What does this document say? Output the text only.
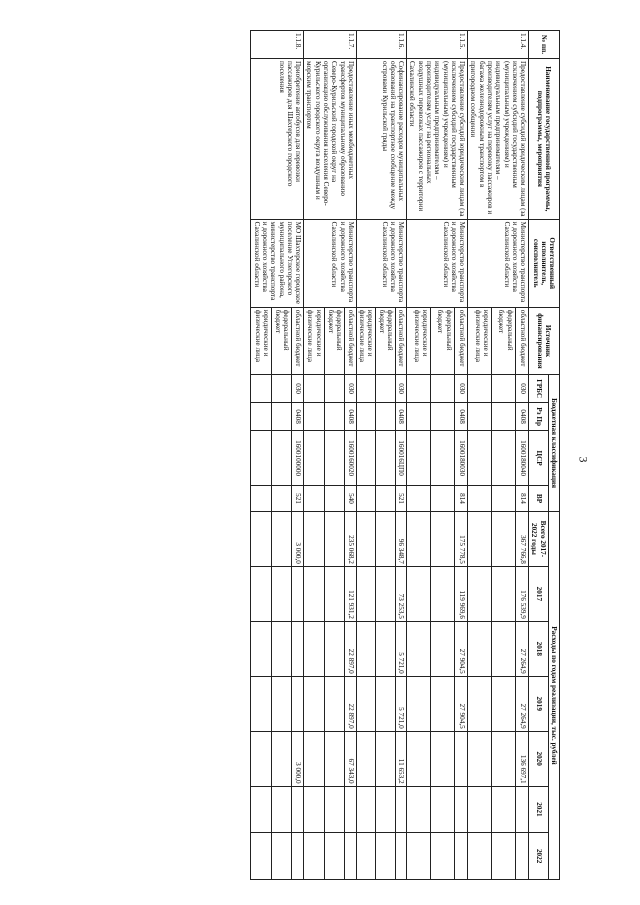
3
№ пп.	Наименование государственной программы, подпрограммы, мероприятия	Ответственный исполнитель, соисполнитель	Источник финансирования	Бюджетная классификация				Расходы по годам реализации, тыс. рублей						
				ГРБС	Рз Пр	ЦСР	ВР	Всего 2017-2022 годы	2017	2018	2019	2020	2021	2022
1.1.4.	Предоставление субсидий юридическим лицам (за исключением субсидий государственным (муниципальным) учреждениям) и индивидуальным предпринимателям – производителям услуг на перевозку пассажиров и багажа железнодорожным транспортом в пригородном сообщении	Министерство транспорта и дорожного хозяйства Сахалинской области	областной бюджет	030	0408	1600180040	814	367 766,8	176 539,9	27 264,9	27 264,9	136 697,1		
			федеральный бюджет											
			юридические и физические лица											
1.1.5.	Предоставление субсидий юридическим лицам (за исключением субсидий государственным (муниципальным) учреждениям) и индивидуальным предпринимателям – производителям услуг на региональных воздушных перевозках пассажиров с территории Сахалинской области	Министерство транспорта и дорожного хозяйства Сахалинской области	областной бюджет	030	0408	1600180030	814	175 778,5	119 969,6	27 904,5	27 904,5			
			федеральный бюджет											
			юридические и физические лица											
1.1.6.	Софинансирование расходов муниципальных образований на транспортное сообщение между островами Курильской гряды	Министерство транспорта и дорожного хозяйства Сахалинской области	областной бюджет	030	0408	160016ЦП0	521	96 348,7	73 253,5	5 721,0	5 721,0	11 653,2		
			федеральный бюджет											
			юридические и физические лица											
1.1.7.	Предоставление иных межбюджетных трансфертов муниципальному образованию Северо-Курильский городской округ на организацию обслуживания населения Северо-Курильского городского округа воздушным и морским транспортом	Министерство транспорта и дорожного хозяйства Сахалинской области	областной бюджет	030	0408	1600160020	540	235 068,2	121 931,2	22 897,0	22 897,0	67 343,0		
			федеральный бюджет											
			юридические и физические лица											
1.1.8.	Приобретение автобусов для перевозки пассажиров для Шахтерского городского поселения	МО Шахтерское городское поселение Углегорского муниципального района, министерство транспорта и дорожного хозяйства Сахалинской области	областной бюджет	030	0408	1600100000	521	3 000,0				3 000,0		
			федеральный бюджет											
			юридические и физические лица											
